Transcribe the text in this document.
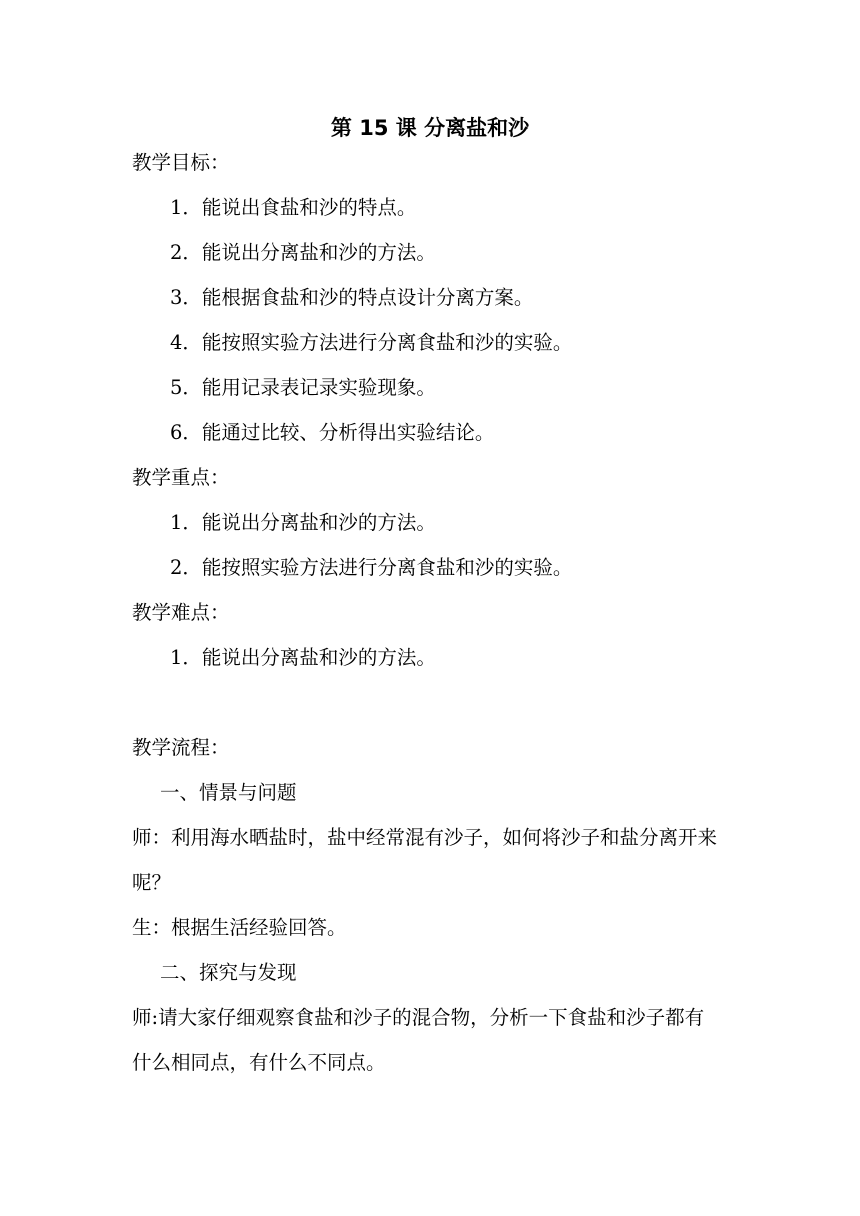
第 15 课 分离盐和沙
教学目标：
1．能说出食盐和沙的特点。
2．能说出分离盐和沙的方法。
3．能根据食盐和沙的特点设计分离方案。
4．能按照实验方法进行分离食盐和沙的实验。
5．能用记录表记录实验现象。
6．能通过比较、分析得出实验结论。
教学重点：
1．能说出分离盐和沙的方法。
2．能按照实验方法进行分离食盐和沙的实验。
教学难点：
1．能说出分离盐和沙的方法。
教学流程：
一、情景与问题
师：利用海水晒盐时，盐中经常混有沙子，如何将沙子和盐分离开来
呢？
生：根据生活经验回答。
二、探究与发现
师:请大家仔细观察食盐和沙子的混合物，分析一下食盐和沙子都有
什么相同点，有什么不同点。
